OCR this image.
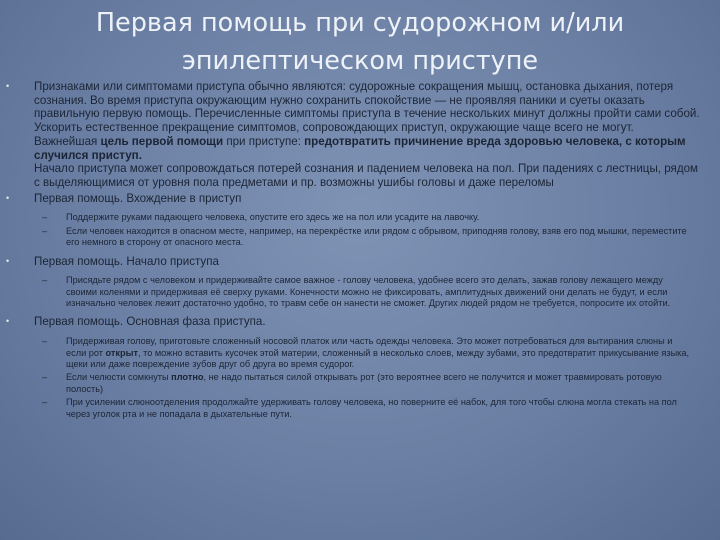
Первая помощь при судорожном и/или эпилептическом приступе
• Признаками или симптомами приступа обычно являются: судорожные сокращения мышц, остановка дыхания, потеря сознания. Во время приступа окружающим нужно сохранить спокойствие — не проявляя паники и суеты оказать правильную первую помощь. Перечисленные симптомы приступа в течение нескольких минут должны пройти сами собой. Ускорить естественное прекращение симптомов, сопровождающих приступ, окружающие чаще всего не могут.
Важнейшая цель первой помощи при приступе: предотвратить причинение вреда здоровью человека, с которым случился приступ.
Начало приступа может сопровождаться потерей сознания и падением человека на пол. При падениях с лестницы, рядом с выделяющимися от уровня пола предметами и пр. возможны ушибы головы и даже переломы
• Первая помощь. Вхождение в приступ
– Поддержите руками падающего человека, опустите его здесь же на пол или усадите на лавочку.
– Если человек находится в опасном месте, например, на перекрёстке или рядом с обрывом, приподняв голову, взяв его под мышки, переместите его немного в сторону от опасного места.
• Первая помощь. Начало приступа
– Присядьте рядом с человеком и придерживайте самое важное - голову человека, удобнее всего это делать, зажав голову лежащего между своими коленями и придерживая её сверху руками. Конечности можно не фиксировать, амплитудных движений они делать не будут, и если изначально человек лежит достаточно удобно, то травм себе он нанести не сможет. Других людей рядом не требуется, попросите их отойти.
• Первая помощь. Основная фаза приступа.
– Придерживая голову, приготовьте сложенный носовой платок или часть одежды человека. Это может потребоваться для вытирания слюны и если рот открыт, то можно вставить кусочек этой материи, сложенный в несколько слоев, между зубами, это предотвратит прикусывание языка, щеки или даже повреждение зубов друг об друга во время судорог.
– Если челюсти сомкнуты плотно, не надо пытаться силой открывать рот (это вероятнее всего не получится и может травмировать ротовую полость)
– При усилении слюноотделения продолжайте удерживать голову человека, но поверните её набок, для того чтобы слюна могла стекать на пол через уголок рта и не попадала в дыхательные пути.
